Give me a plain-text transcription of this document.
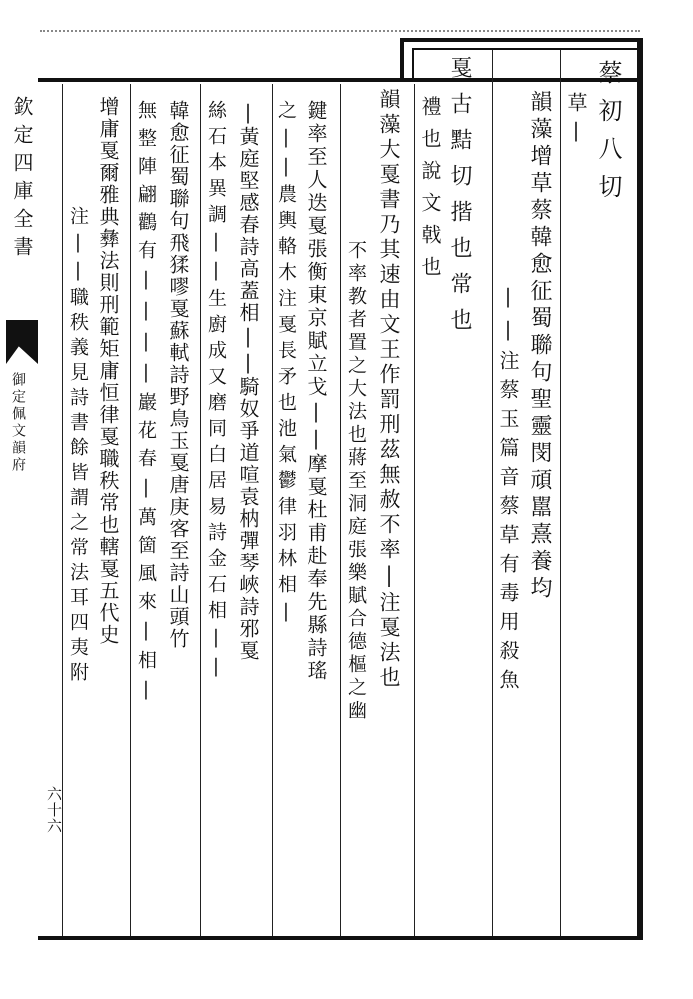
欽定四庫全書
御定佩文韻府
六十六
蔡初八切
草|
韻藻增草蔡韓愈征蜀聯句聖靈閔頑嚚熹養均
||注蔡玉篇音蔡草有毒用殺魚
戛古黠切揩也常也
禮也說文戟也
韻藻大戛書乃其速由文王作罰刑茲無赦不率|注戛法也
不率教者置之大法也蔣至洞庭張樂賦合德樞之幽
鍵率至人迭戛張衡東京賦立戈||摩戛杜甫赴奉先縣詩瑤
之||農輿輅木注戛長矛也池氣鬱律羽林相|
|黃庭堅感春詩高蓋相||騎奴爭道喧袁枘彈琴峽詩邪戛
絲石本異調||生廚成又磨同白居易詩金石相||
韓愈征蜀聯句飛猱嘐戛蘇軾詩野鳥玉戛唐庚客至詩山頭竹
無整陣翩鸛有||||巖花春|萬箇風來|相|
增庸戛爾雅典彝法則刑範矩庸恒律戛職秩常也轄戛五代史
注||職秩義見詩書餘皆謂之常法耳四夷附
